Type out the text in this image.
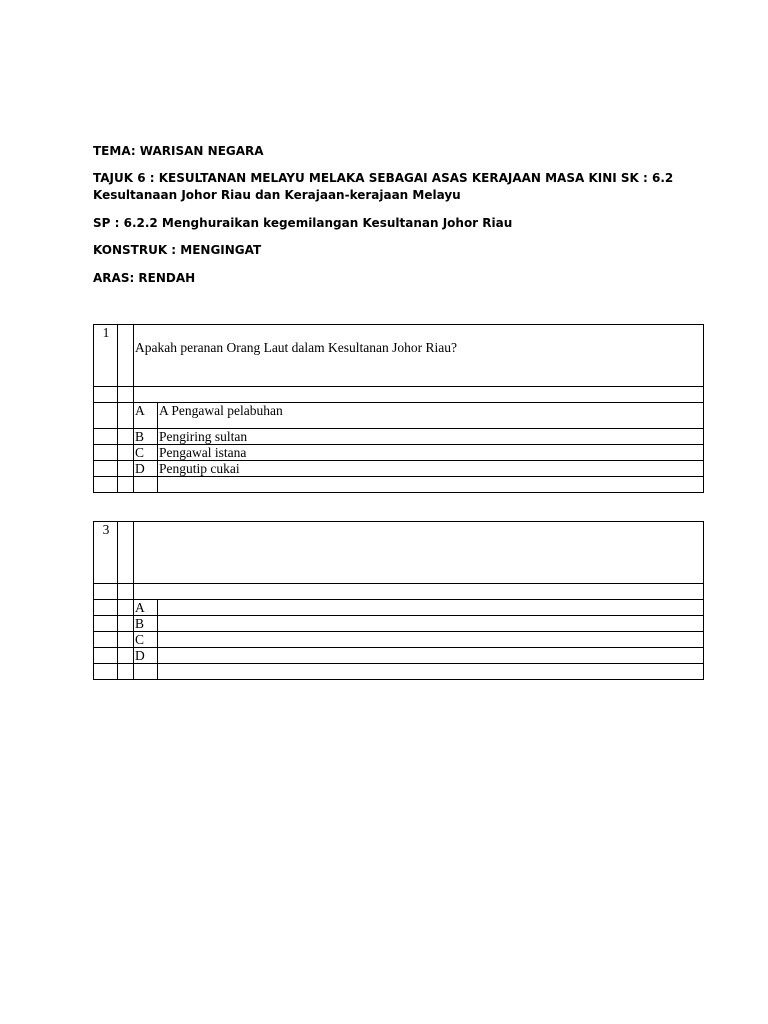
TEMA: WARISAN NEGARA
TAJUK 6 : KESULTANAN MELAYU MELAKA SEBAGAI ASAS KERAJAAN MASA KINI SK : 6.2
Kesultanaan Johor Riau dan Kerajaan-kerajaan Melayu
SP : 6.2.2 Menghuraikan kegemilangan Kesultanan Johor Riau
KONSTRUK : MENGINGAT
ARAS: RENDAH
1		Apakah peranan Orang Laut dalam Kesultanan Johor Riau?	

		A	A Pengawal pelabuhan
		B	Pengiring sultan
		C	Pengawal istana
		D	Pengutip cukai

3			

		A	
		B	
		C	
		D	
